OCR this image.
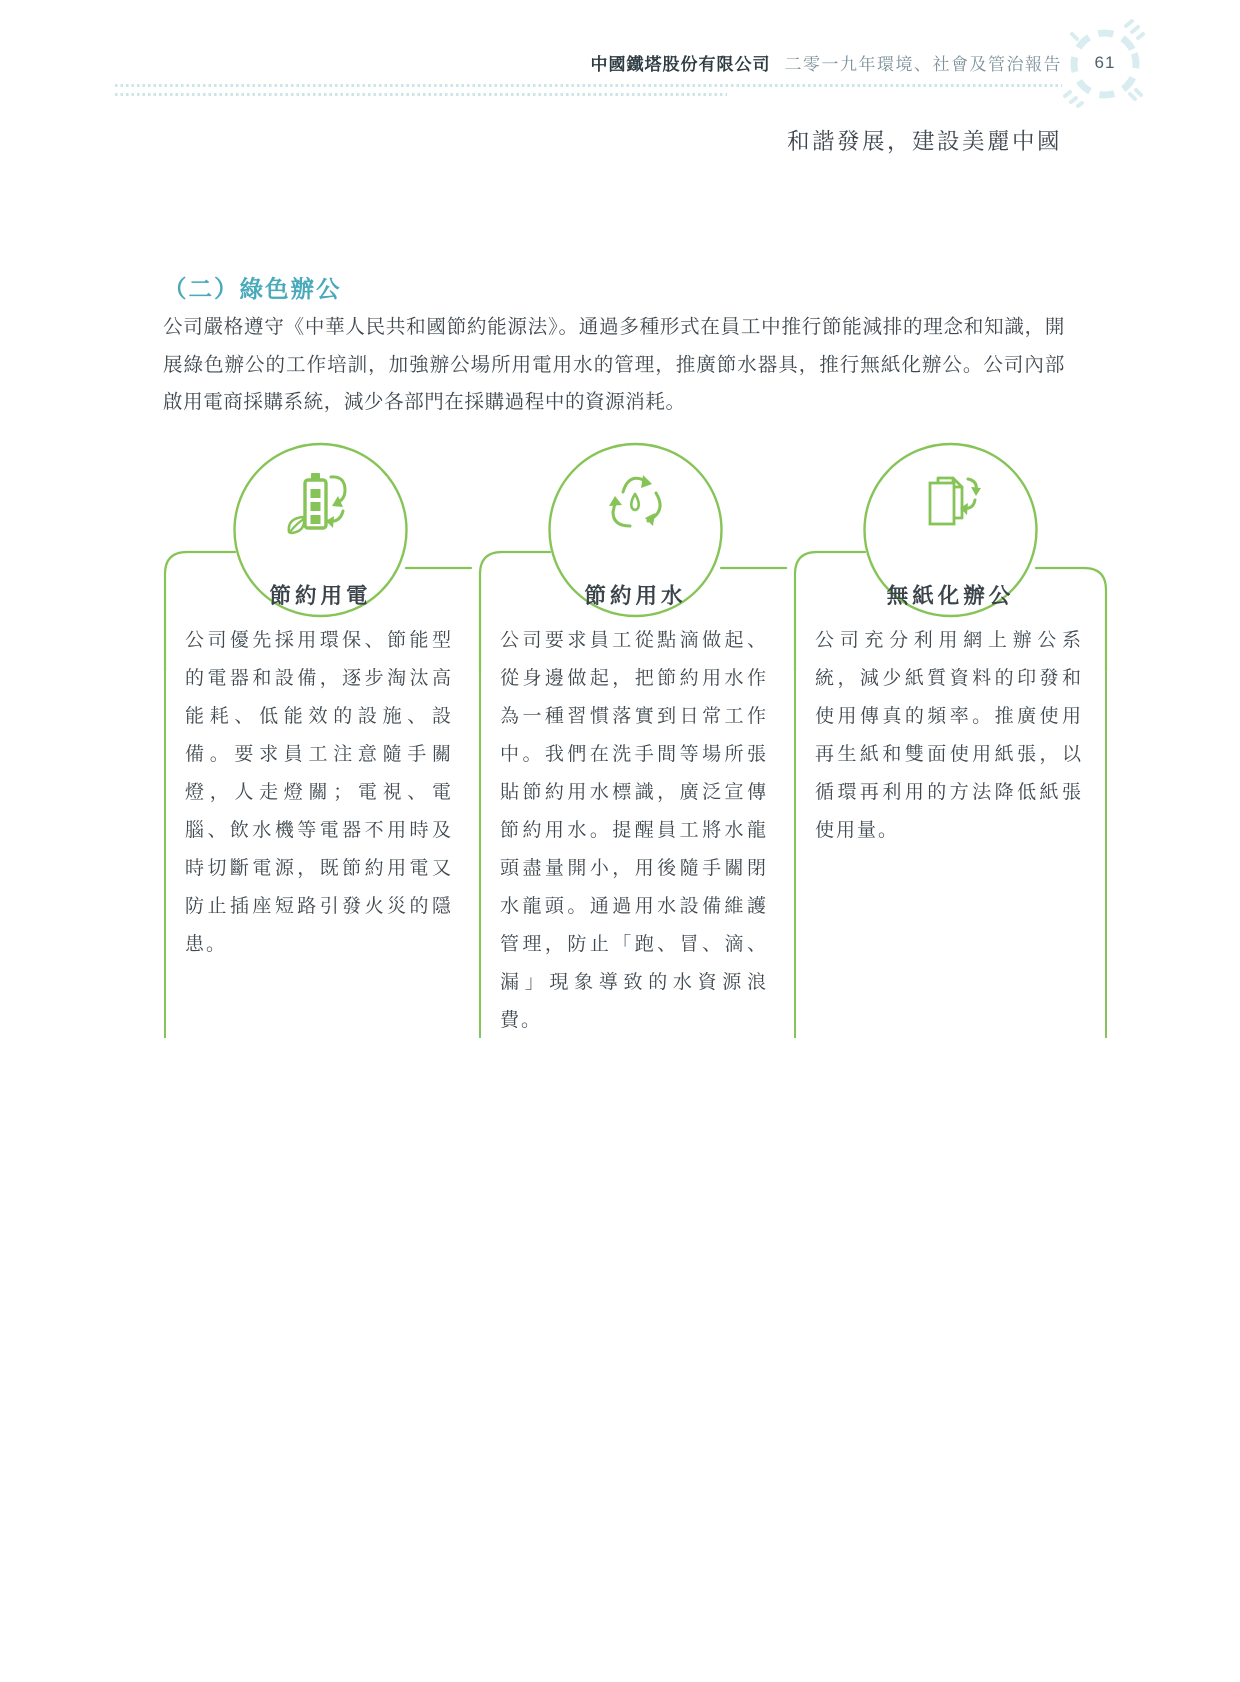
中國鐵塔股份有限公司 二零一九年環境、社會及管治報告	61
和諧發展，建設美麗中國
（二）綠色辦公

公司嚴格遵守《中華人民共和國節約能源法》。通過多種形式在員工中推行節能減排的理念和知識，開展綠色辦公的工作培訓，加強辦公場所用電用水的管理，推廣節水器具，推行無紙化辦公。公司內部啟用電商採購系統，減少各部門在採購過程中的資源消耗。

節約用電
公司優先採用環保、節能型的電器和設備，逐步淘汰高能耗、低能效的設施、設備。要求員工注意隨手關燈，人走燈關；電視、電腦、飲水機等電器不用時及時切斷電源，既節約用電又防止插座短路引發火災的隱患。
節約用水
公司要求員工從點滴做起、從身邊做起，把節約用水作為一種習慣落實到日常工作中。我們在洗手間等場所張貼節約用水標識，廣泛宣傳節約用水。提醒員工將水龍頭盡量開小，用後隨手關閉水龍頭。通過用水設備維護管理，防止「跑、冒、滴、漏」現象導致的水資源浪費。
無紙化辦公
公司充分利用網上辦公系統，減少紙質資料的印發和使用傳真的頻率。推廣使用再生紙和雙面使用紙張，以循環再利用的方法降低紙張使用量。
